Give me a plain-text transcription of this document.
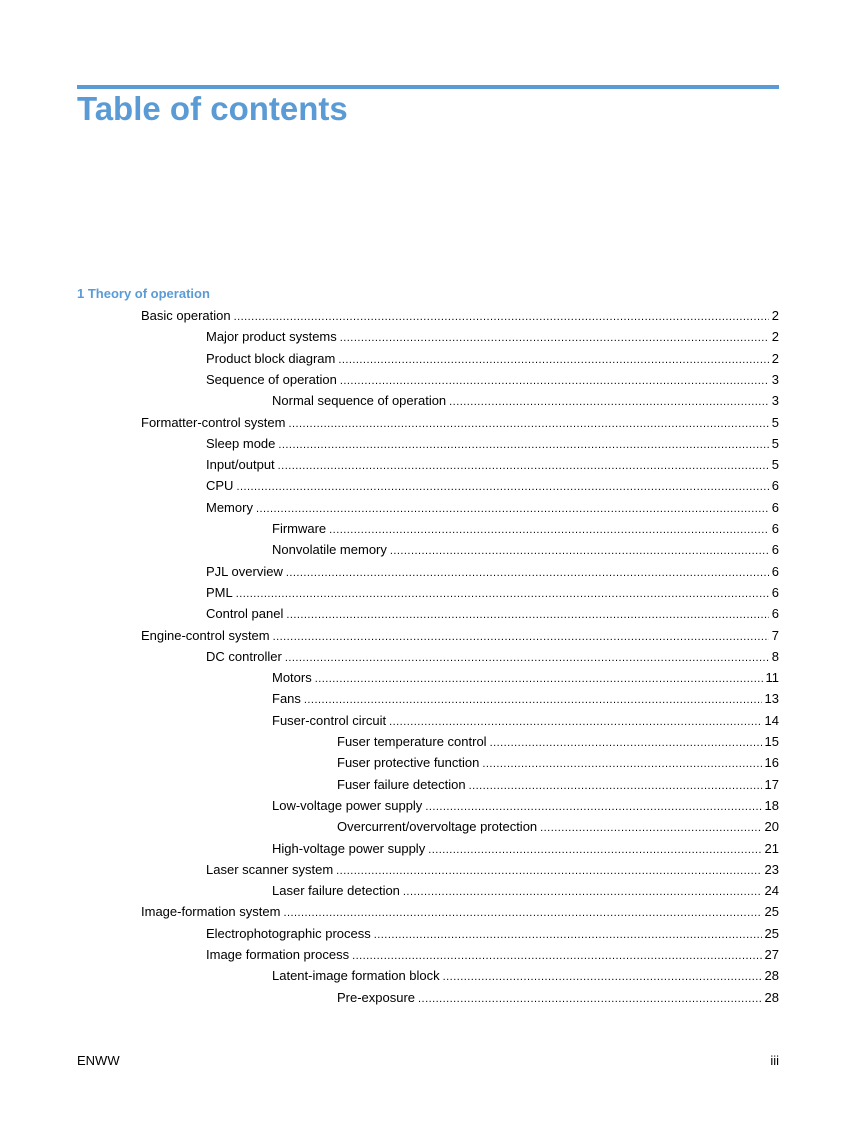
Table of contents
1 Theory of operation
Basic operation . . .	2
Major product systems . . .	2
Product block diagram . . .	2
Sequence of operation . . .	3
Normal sequence of operation . . .	3
Formatter-control system . . .	5
Sleep mode . . .	5
Input/output . . .	5
CPU . . .	6
Memory . . .	6
Firmware . . .	6
Nonvolatile memory . . .	6
PJL overview . . .	6
PML . . .	6
Control panel . . .	6
Engine-control system . . .	7
DC controller . . .	8
Motors . . .	11
Fans . . .	13
Fuser-control circuit . . .	14
Fuser temperature control . . .	15
Fuser protective function . . .	16
Fuser failure detection . . .	17
Low-voltage power supply . . .	18
Overcurrent/overvoltage protection . . .	20
High-voltage power supply . . .	21
Laser scanner system . . .	23
Laser failure detection . . .	24
Image-formation system . . .	25
Electrophotographic process . . .	25
Image formation process . . .	27
Latent-image formation block . . .	28
Pre-exposure . . .	28
ENWW	iii
